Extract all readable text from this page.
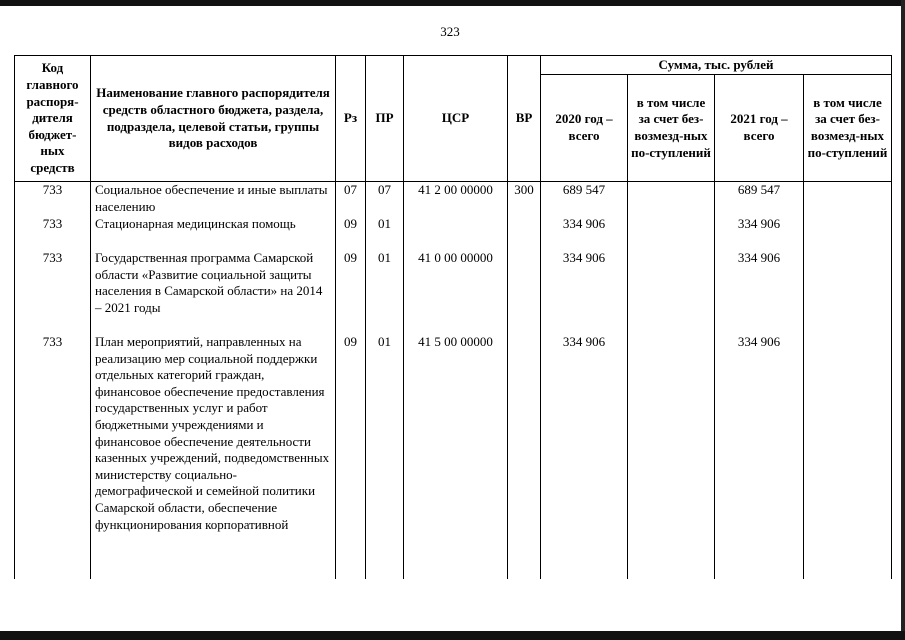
323
Код главного распоря-дителя бюджет-ных средств	Наименование главного распорядителя средств областного бюджета, раздела, подраздела, целевой статьи, группы видов расходов	Рз	ПР	ЦСР	ВР	Сумма, тыс. рублей			
						2020 год – всего	в том числе за счет без-возмезд-ных по-ступлений	2021 год – всего	в том числе за счет без-возмезд-ных по-ступлений
733	Социальное обеспечение и иные выплаты населению	07	07	41 2 00 00000	300	689 547		689 547	
733	Стационарная медицинская помощь	09	01			334 906		334 906	
733	Государственная программа Самарской области «Развитие социальной защиты населения в Самарской области» на 2014 – 2021 годы	09	01	41 0 00 00000		334 906		334 906	
733	План мероприятий, направленных на реализацию мер социальной поддержки отдельных категорий граждан, финансовое обеспечение предоставления государственных услуг и работ бюджетными учреждениями и финансовое обеспечение деятельности казенных учреждений, подведомственных министерству социально-демографической и семейной политики Самарской области, обеспечение функционирования корпоративной	09	01	41 5 00 00000		334 906		334 906	
